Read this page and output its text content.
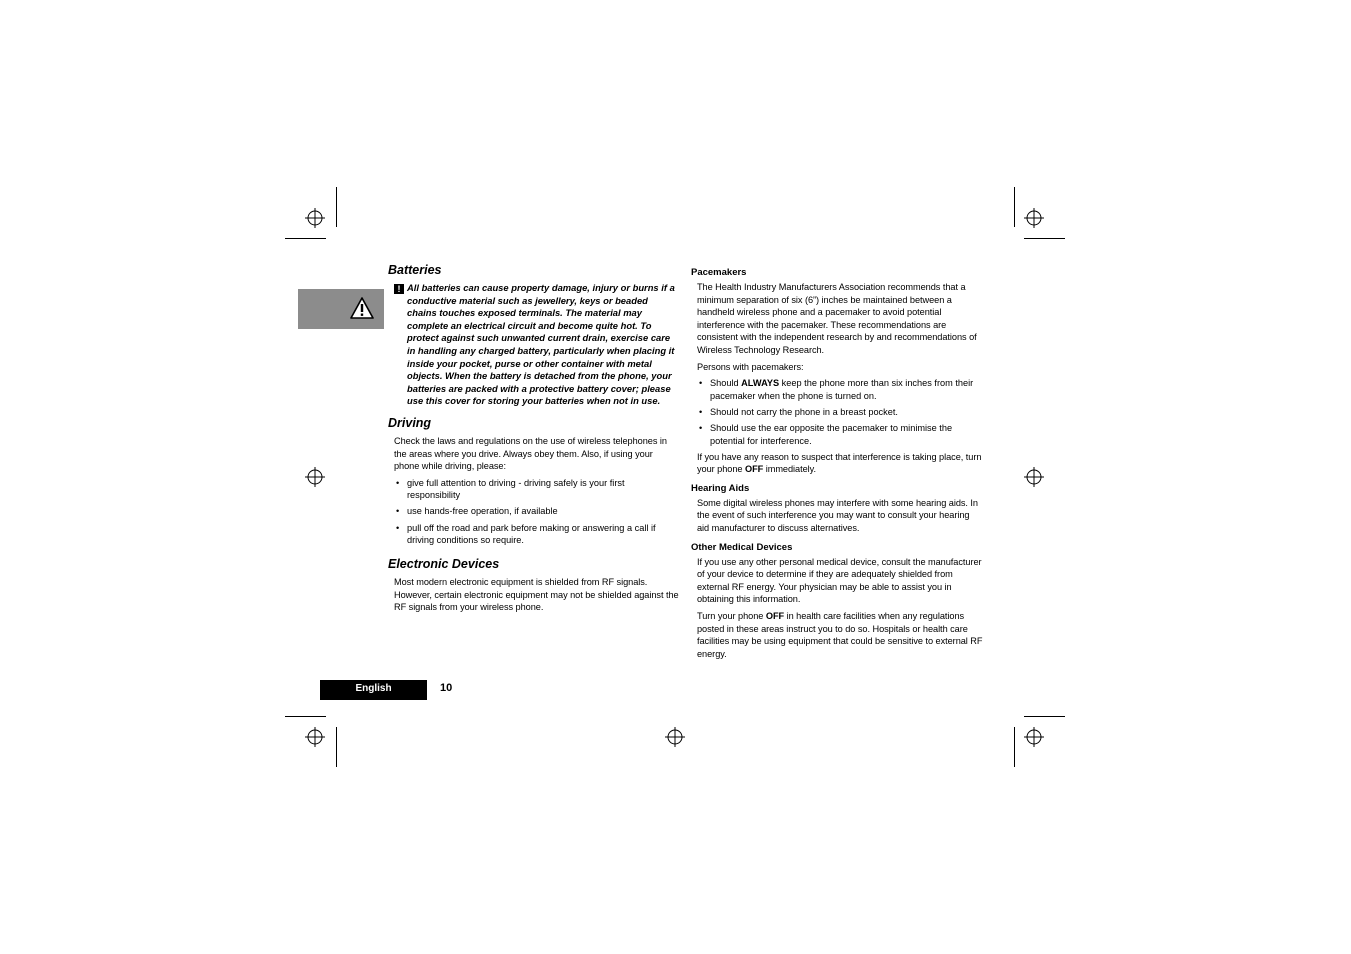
Batteries
! All batteries can cause property damage, injury or burns if a conductive material such as jewellery, keys or beaded chains touches exposed terminals. The material may complete an electrical circuit and become quite hot. To protect against such unwanted current drain, exercise care in handling any charged battery, particularly when placing it inside your pocket, purse or other container with metal objects. When the battery is detached from the phone, your batteries are packed with a protective battery cover; please use this cover for storing your batteries when not in use.
Driving

Check the laws and regulations on the use of wireless telephones in the areas where you drive. Always obey them. Also, if using your phone while driving, please:

• give full attention to driving - driving safely is your first responsibility
• use hands-free operation, if available
• pull off the road and park before making or answering a call if driving conditions so require.
Electronic Devices

Most modern electronic equipment is shielded from RF signals. However, certain electronic equipment may not be shielded against the RF signals from your wireless phone.

Pacemakers

The Health Industry Manufacturers Association recommends that a minimum separation of six (6”) inches be maintained between a handheld wireless phone and a pacemaker to avoid potential interference with the pacemaker. These recommendations are consistent with the independent research by and recommendations of Wireless Technology Research.

Persons with pacemakers:

• Should ALWAYS keep the phone more than six inches from their pacemaker when the phone is turned on.
• Should not carry the phone in a breast pocket.
• Should use the ear opposite the pacemaker to minimise the potential for interference.

If you have any reason to suspect that interference is taking place, turn your phone OFF immediately.

Hearing Aids

Some digital wireless phones may interfere with some hearing aids. In the event of such interference you may want to consult your hearing aid manufacturer to discuss alternatives.

Other Medical Devices

If you use any other personal medical device, consult the manufacturer of your device to determine if they are adequately shielded from external RF energy. Your physician may be able to assist you in obtaining this information.

Turn your phone OFF in health care facilities when any regulations posted in these areas instruct you to do so. Hospitals or health care facilities may be using equipment that could be sensitive to external RF energy.

English	10
